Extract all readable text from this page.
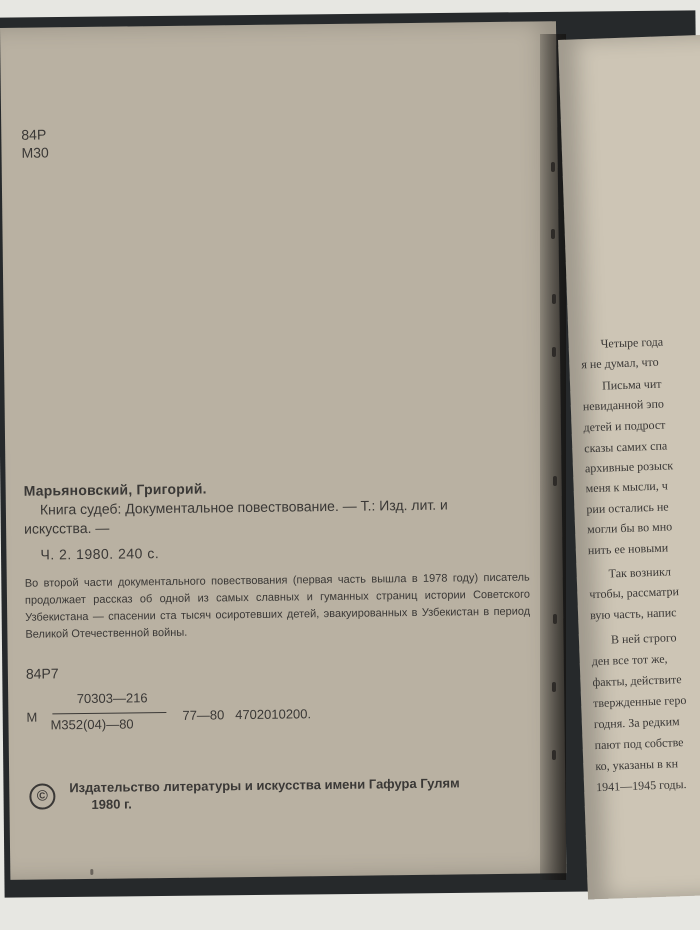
84Р
М30
Марьяновский, Григорий.
Книга судеб: Документальное повествование. — Т.: Изд. лит. и
искусства. —
Ч. 2. 1980. 240 с.
Во второй части документального повествования (первая часть вышла в 1978 году) писатель продолжает рассказ об одной из самых славных и гуманных страниц истории Советского Узбекистана — спасении ста тысяч осиротевших детей, эвакуированных в Узбекистан в период Великой Отечественной войны.
84Р7
М
70303—216
М352(04)—80
77—80   4702010200.
©
Издательство литературы и искусства имени Гафура Гулям
1980 г.
Четыре года
я не думал, что
Письма чит
невиданной эпо
детей и подрост
сказы самих спа
архивные розыск
меня к мысли, ч
рии остались не
могли бы во мно
нить ее новыми
Так возникл
чтобы, рассматри
вую часть, напис
В ней строго
ден все тот же,
факты, действите
твержденные геро
годня. За редким
пают под собстве
ко, указаны в кн
1941—1945 годы.
